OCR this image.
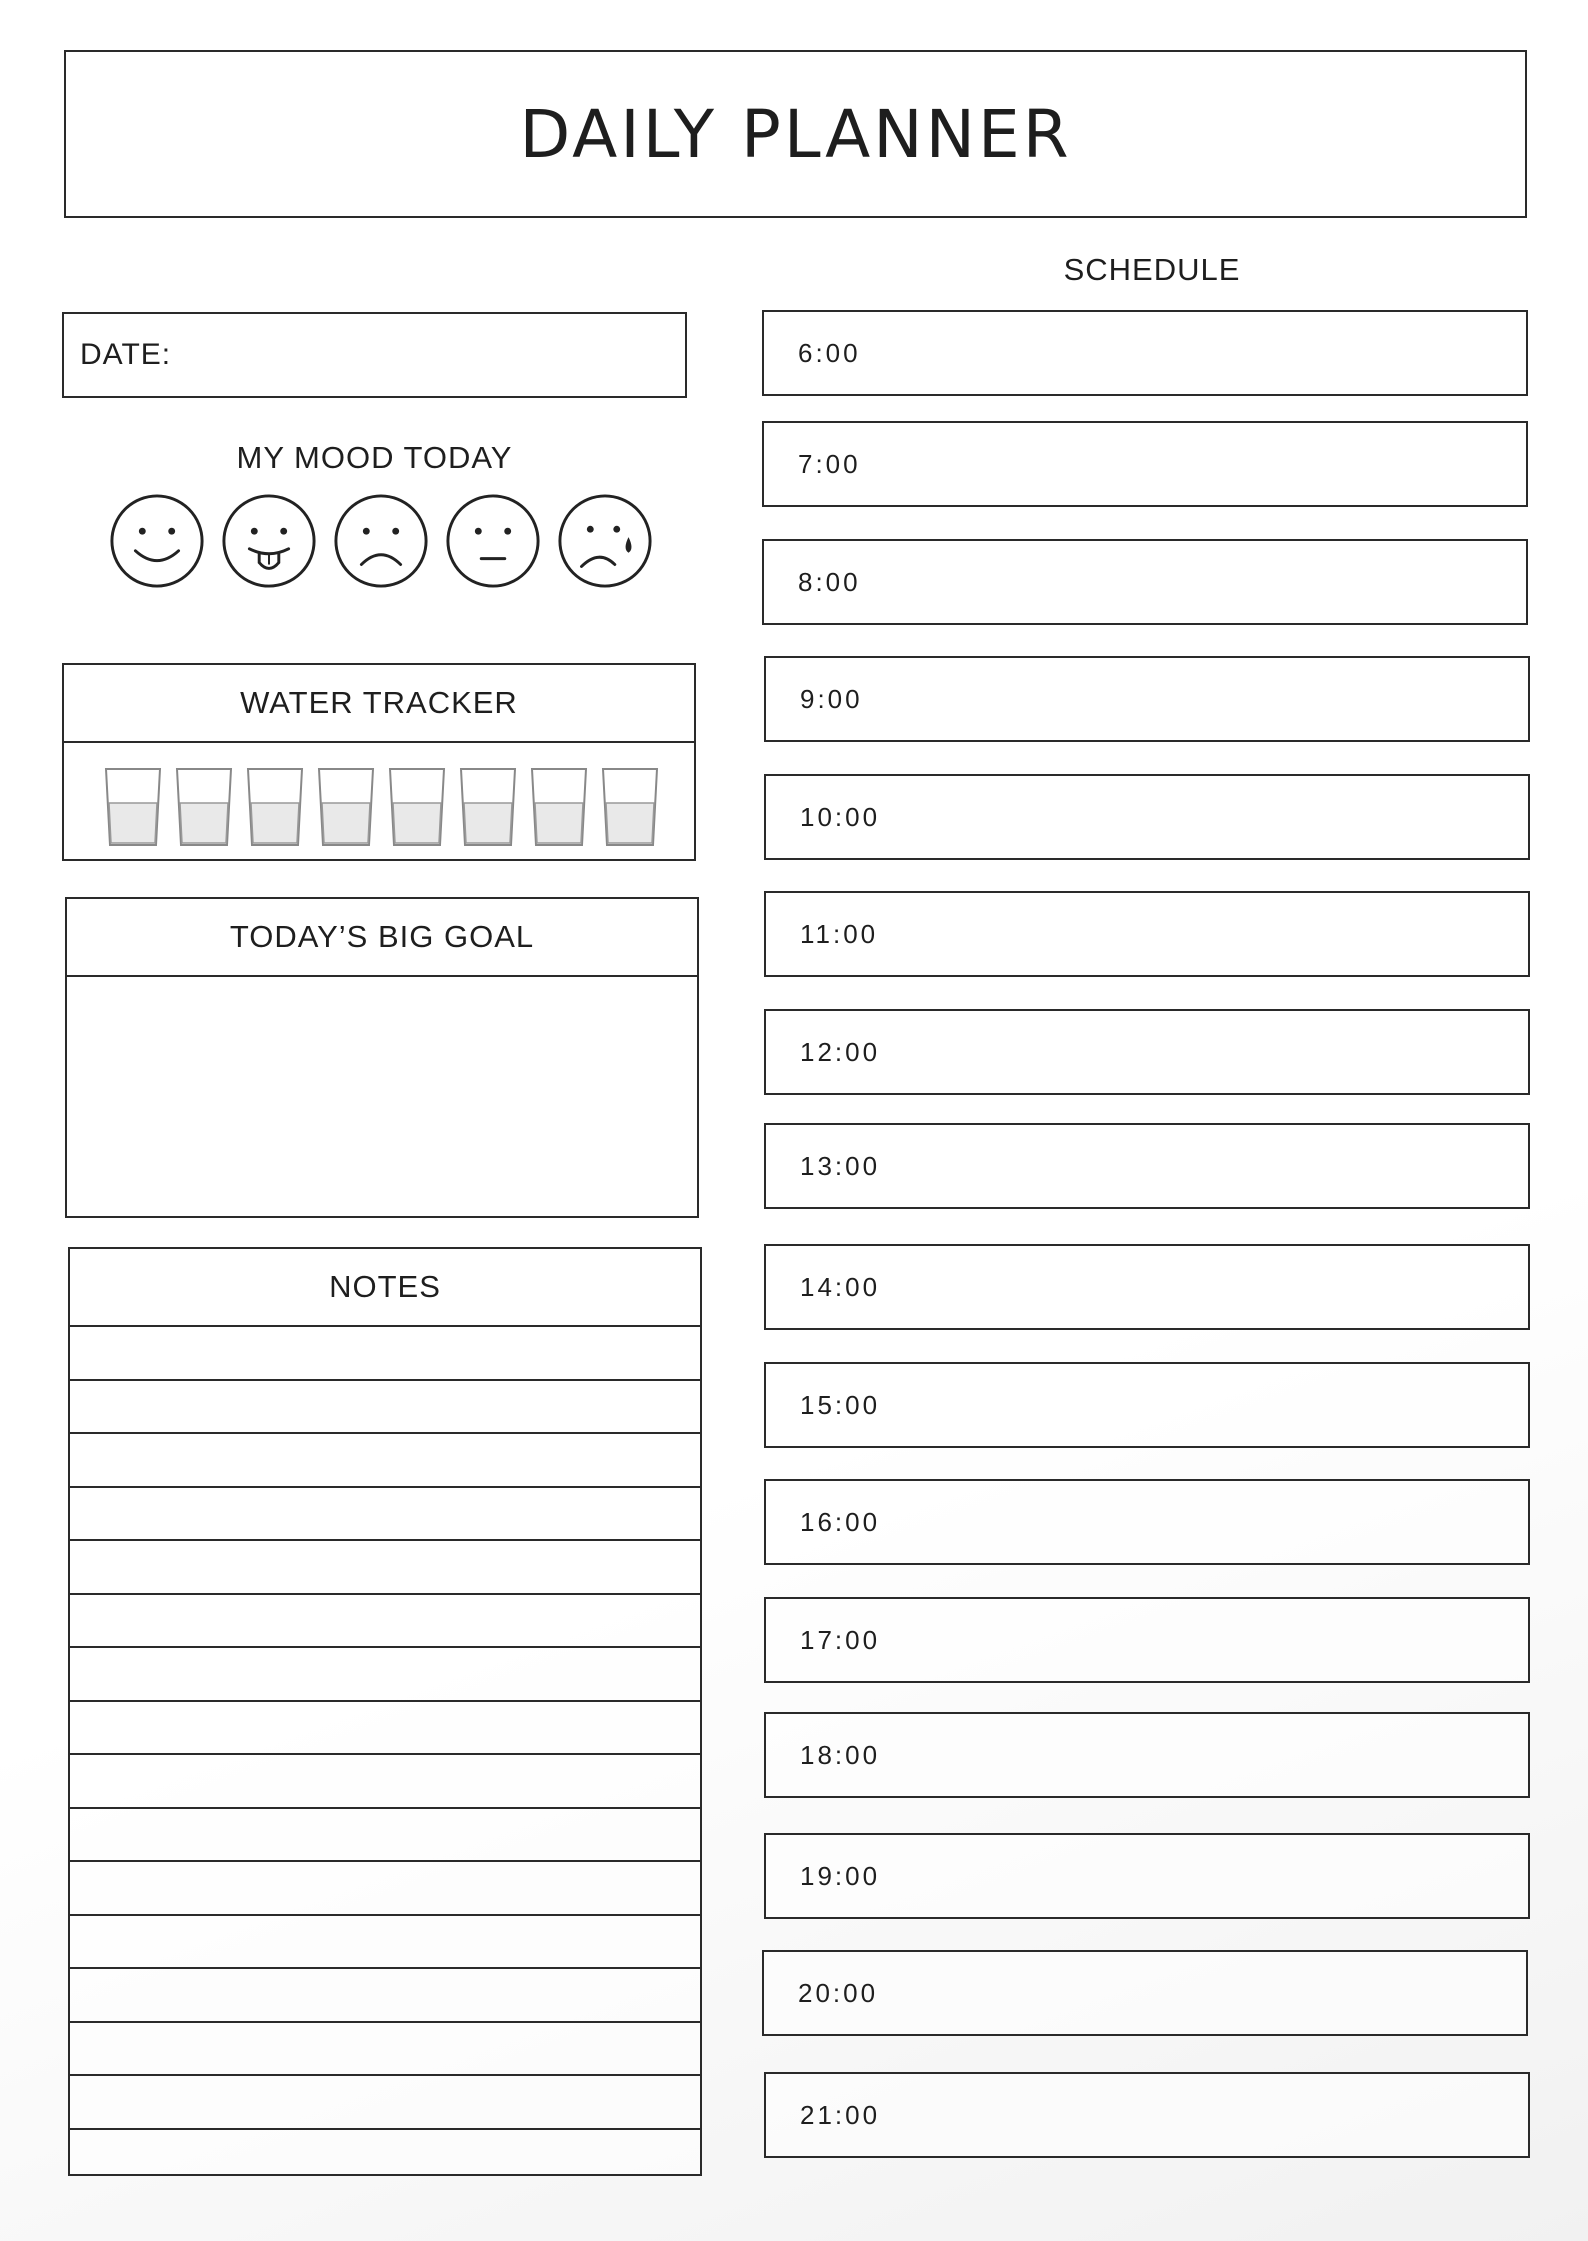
DAILY PLANNER
SCHEDULE
DATE:
MY MOOD TODAY
WATER TRACKER
TODAY’S BIG GOAL
NOTES
6:00
7:00
8:00
9:00
10:00
11:00
12:00
13:00
14:00
15:00
16:00
17:00
18:00
19:00
20:00
21:00
